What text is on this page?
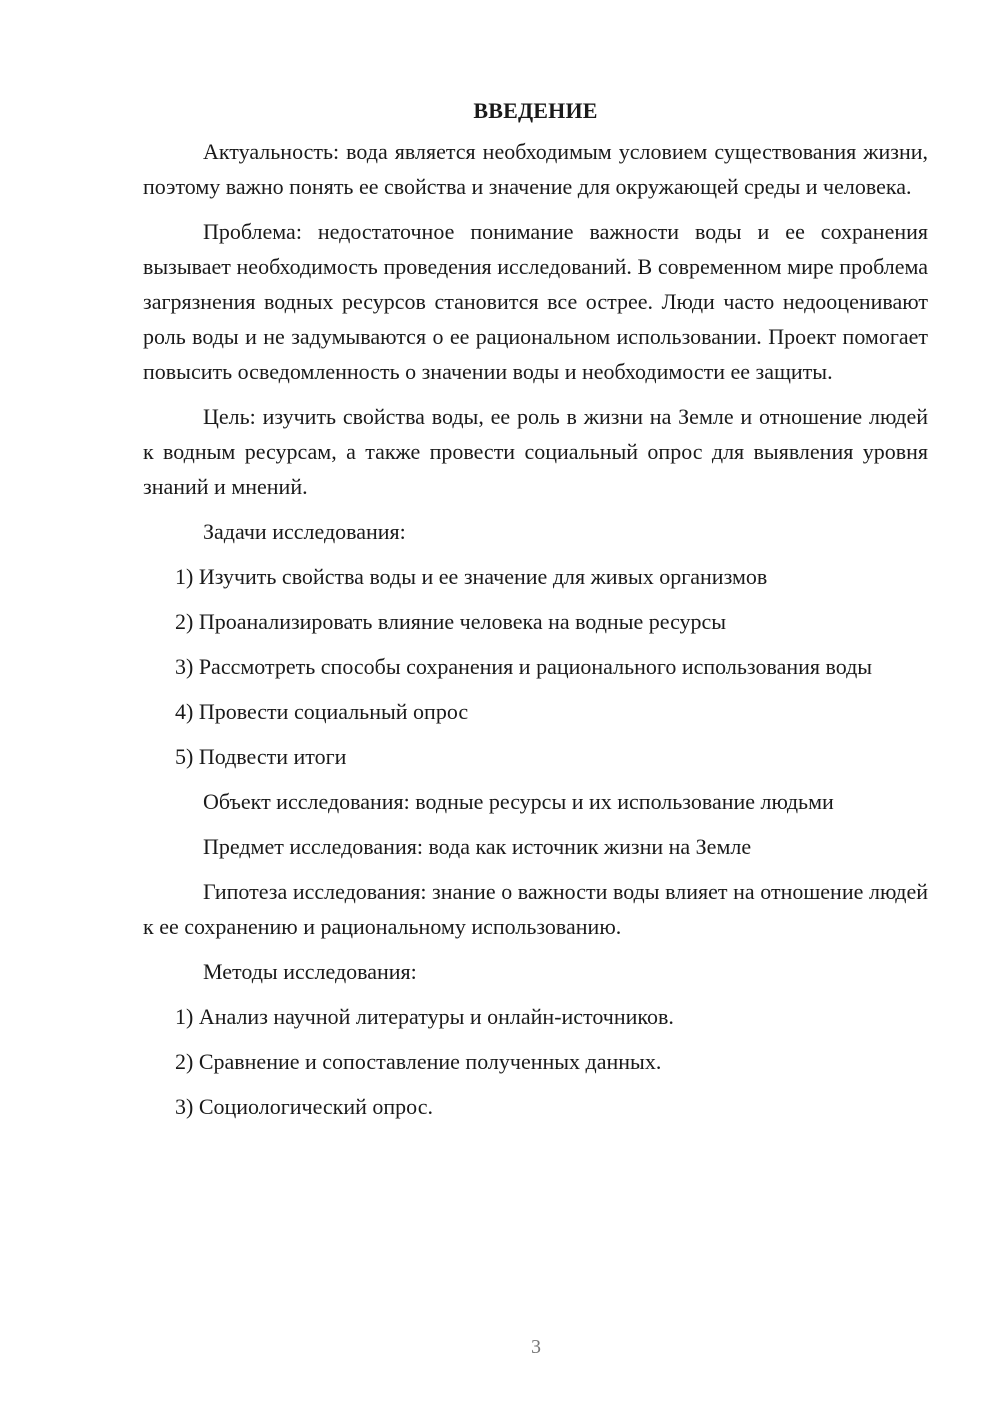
ВВЕДЕНИЕ

Актуальность: вода является необходимым условием существования жизни, поэтому важно понять ее свойства и значение для окружающей среды и человека.

Проблема: недостаточное понимание важности воды и ее сохранения вызывает необходимость проведения исследований. В современном мире проблема загрязнения водных ресурсов становится все острее. Люди часто недооценивают роль воды и не задумываются о ее рациональном использовании. Проект помогает повысить осведомленность о значении воды и необходимости ее защиты.

Цель: изучить свойства воды, ее роль в жизни на Земле и отношение людей к водным ресурсам, а также провести социальный опрос для выявления уровня знаний и мнений.

Задачи исследования:

1) Изучить свойства воды и ее значение для живых организмов

2) Проанализировать влияние человека на водные ресурсы

3) Рассмотреть способы сохранения и рационального использования воды

4) Провести социальный опрос

5) Подвести итоги

Объект исследования: водные ресурсы и их использование людьми

Предмет исследования: вода как источник жизни на Земле

Гипотеза исследования: знание о важности воды влияет на отношение людей к ее сохранению и рациональному использованию.

Методы исследования:

1) Анализ научной литературы и онлайн-источников.

2) Сравнение и сопоставление полученных данных.

3) Социологический опрос.

3
